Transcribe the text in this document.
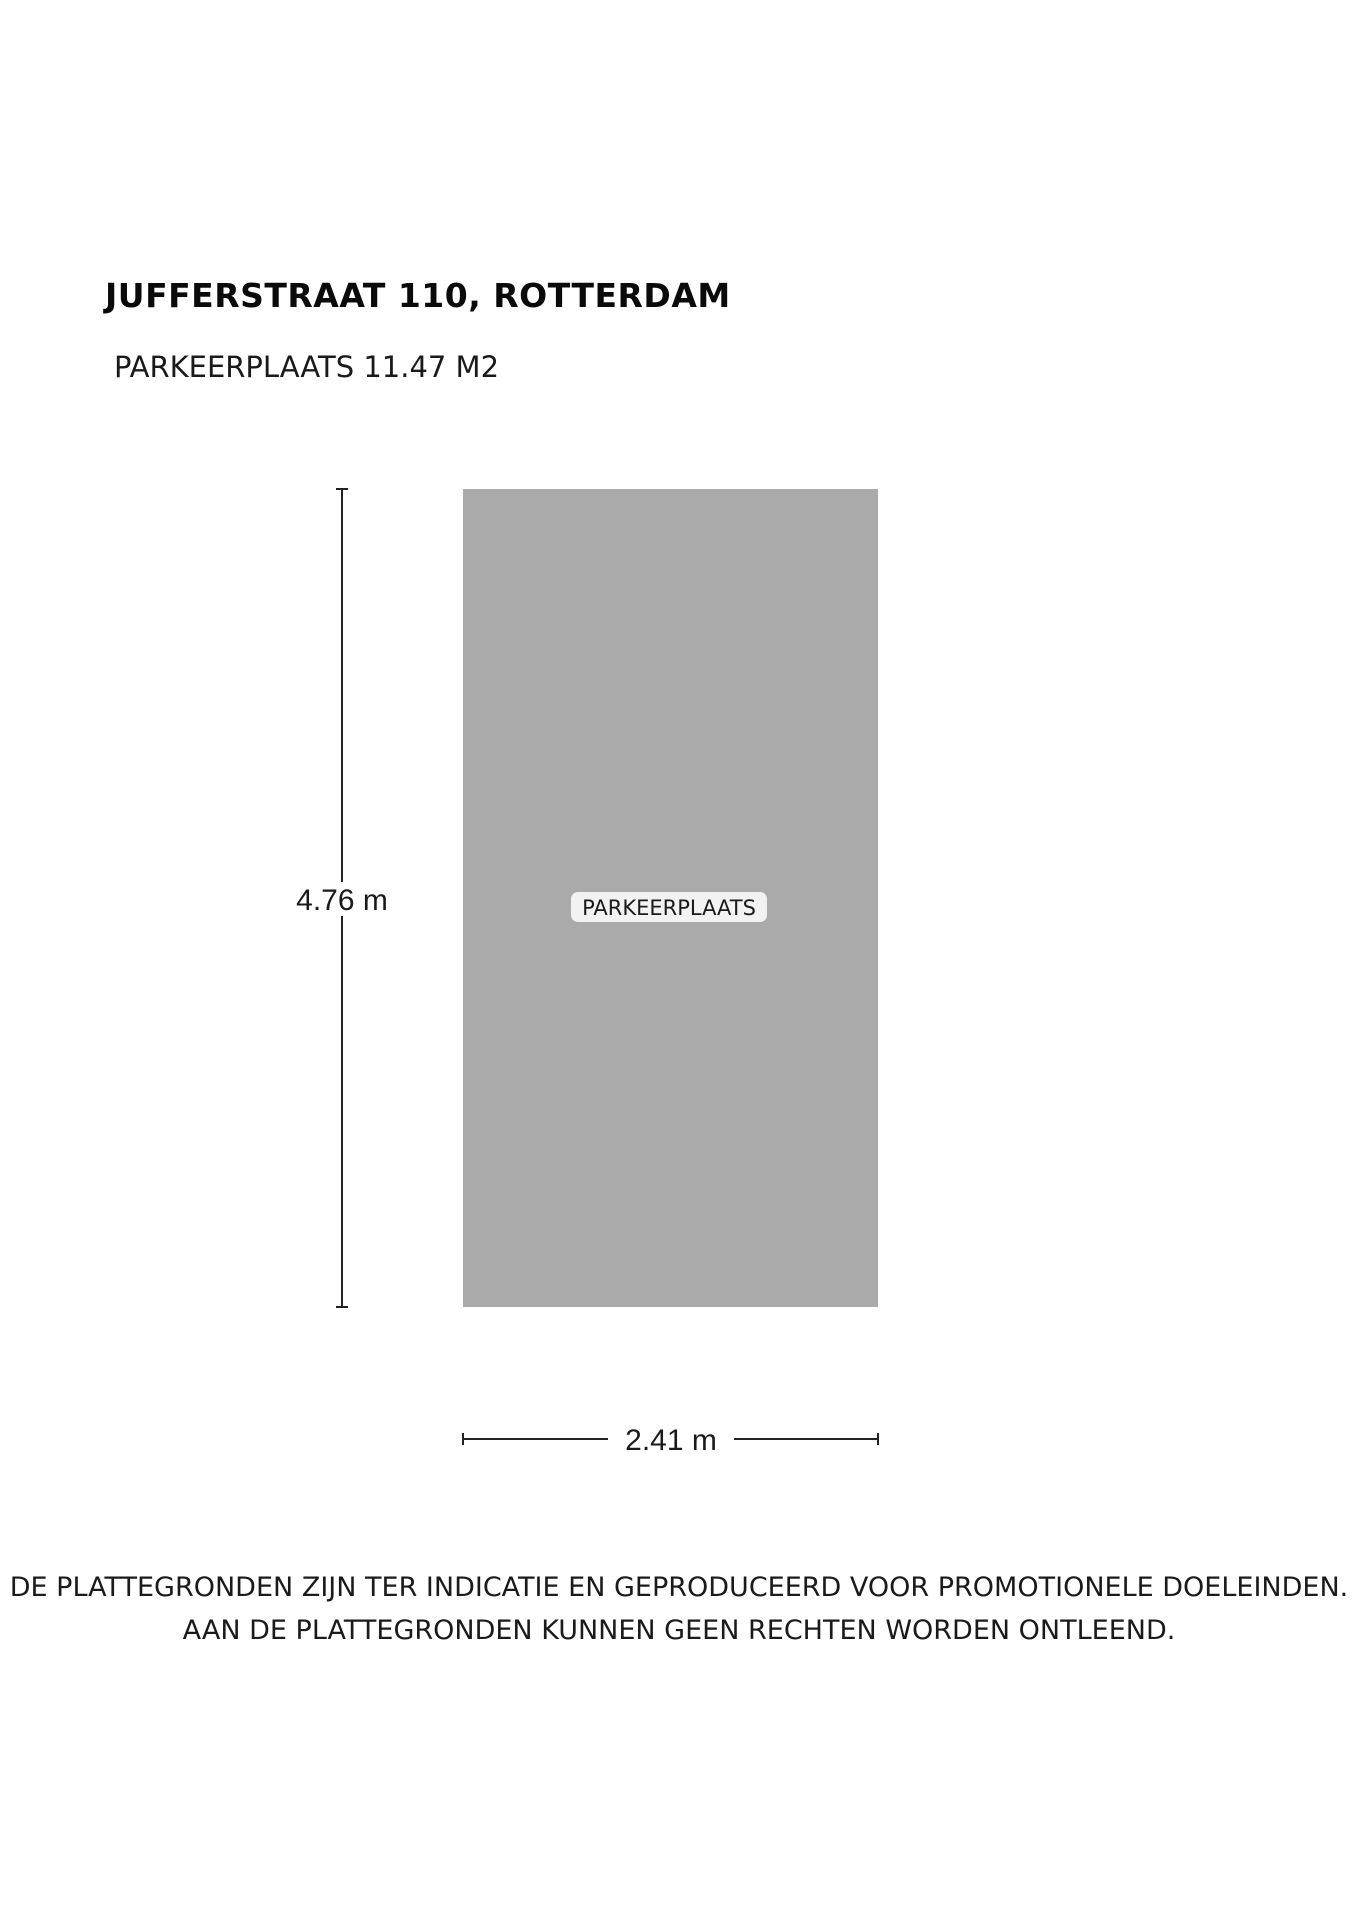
JUFFERSTRAAT 110, ROTTERDAM
PARKEERPLAATS 11.47 M2
PARKEERPLAATS
4.76 m
2.41 m
DE PLATTEGRONDEN ZIJN TER INDICATIE EN GEPRODUCEERD VOOR PROMOTIONELE DOELEINDEN.
AAN DE PLATTEGRONDEN KUNNEN GEEN RECHTEN WORDEN ONTLEEND.
